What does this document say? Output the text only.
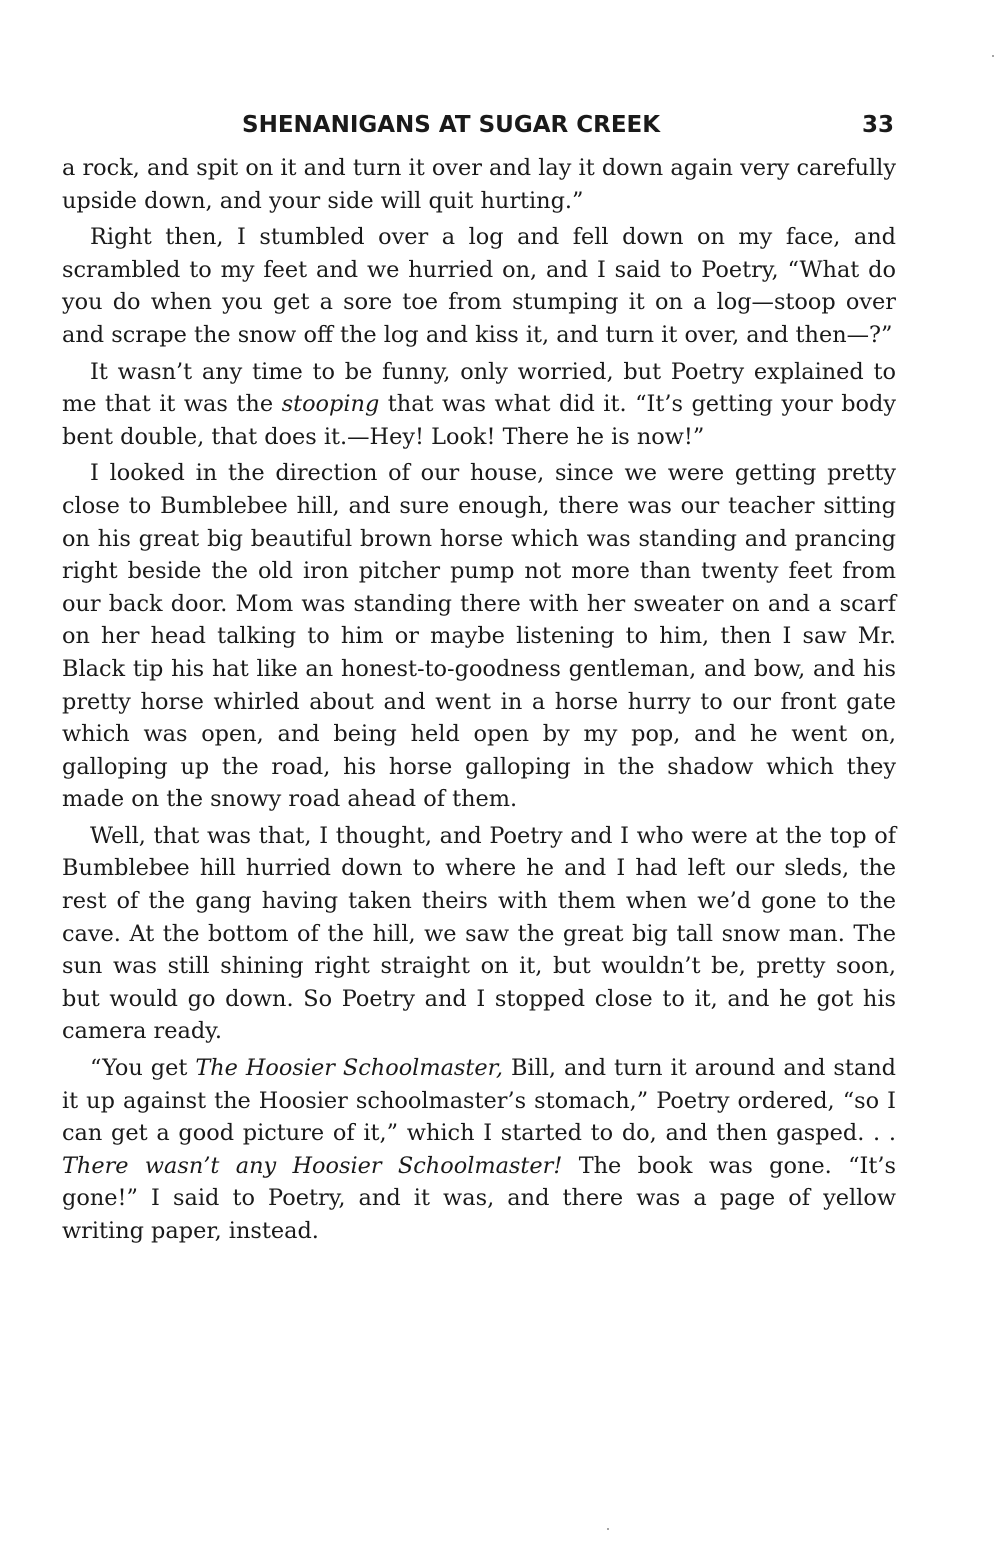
SHENANIGANS AT SUGAR CREEK	33

a rock, and spit on it and turn it over and lay it down again very carefully upside down, and your side will quit hurting.”

Right then, I stumbled over a log and fell down on my face, and scrambled to my feet and we hurried on, and I said to Poetry, “What do you do when you get a sore toe from stumping it on a log—stoop over and scrape the snow off the log and kiss it, and turn it over, and then—?”

It wasn’t any time to be funny, only worried, but Poetry explained to me that it was the stooping that was what did it. “It’s getting your body bent double, that does it.—Hey! Look! There he is now!”

I looked in the direction of our house, since we were getting pretty close to Bumblebee hill, and sure enough, there was our teacher sitting on his great big beautiful brown horse which was standing and prancing right beside the old iron pitcher pump not more than twenty feet from our back door. Mom was standing there with her sweater on and a scarf on her head talking to him or maybe listening to him, then I saw Mr. Black tip his hat like an honest-to-goodness gentleman, and bow, and his pretty horse whirled about and went in a horse hurry to our front gate which was open, and being held open by my pop, and he went on, galloping up the road, his horse galloping in the shadow which they made on the snowy road ahead of them.

Well, that was that, I thought, and Poetry and I who were at the top of Bumblebee hill hurried down to where he and I had left our sleds, the rest of the gang having taken theirs with them when we’d gone to the cave. At the bottom of the hill, we saw the great big tall snow man. The sun was still shining right straight on it, but wouldn’t be, pretty soon, but would go down. So Poetry and I stopped close to it, and he got his camera ready.

“You get The Hoosier Schoolmaster, Bill, and turn it around and stand it up against the Hoosier schoolmaster’s stomach,” Poetry ordered, “so I can get a good picture of it,” which I started to do, and then gasped. . . There wasn’t any Hoosier Schoolmaster! The book was gone. “It’s gone!” I said to Poetry, and it was, and there was a page of yellow writing paper, instead.
